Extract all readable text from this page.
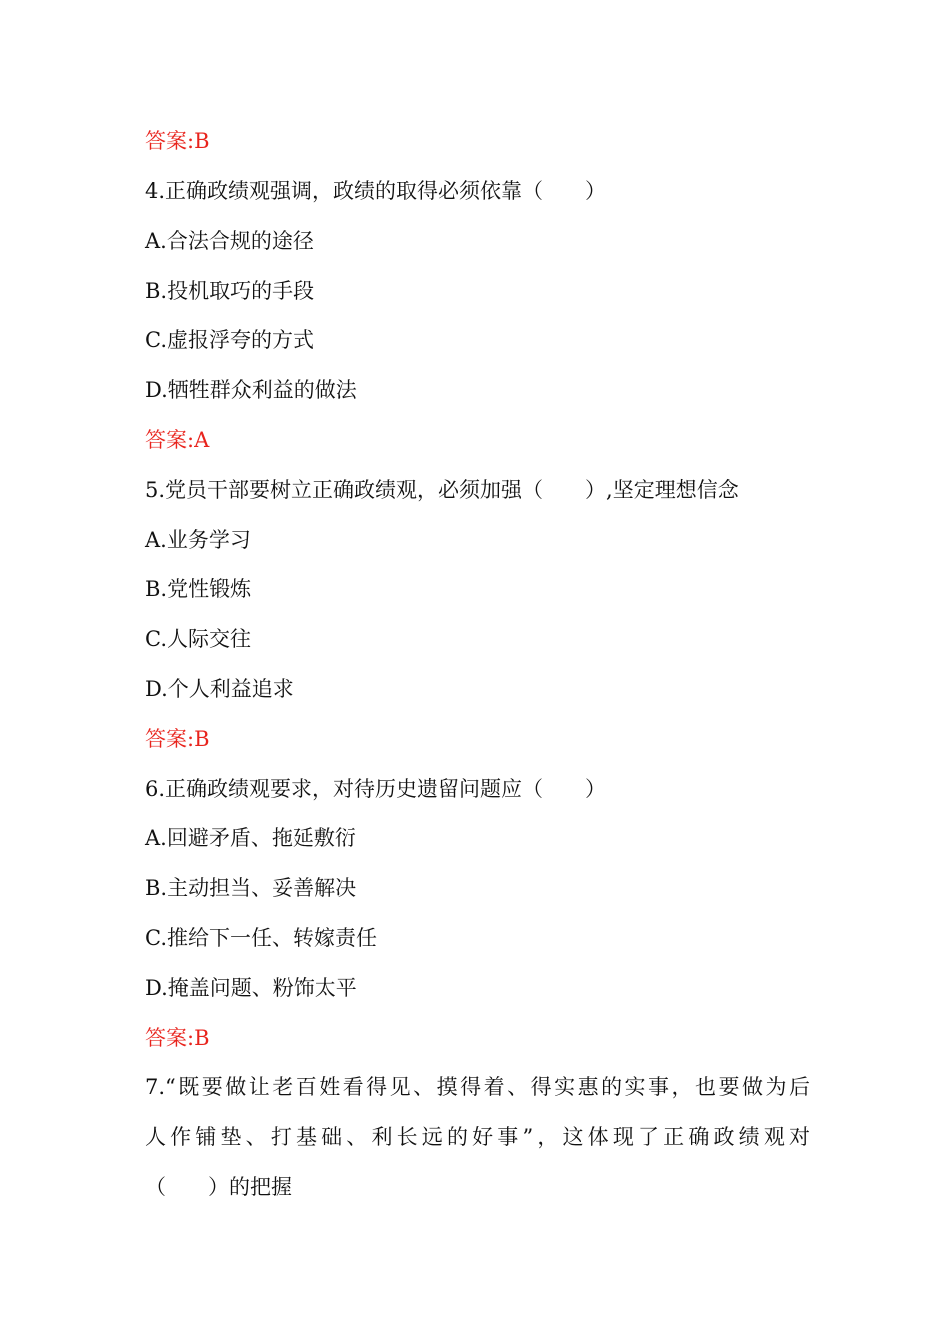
答案:B
4.正确政绩观强调，政绩的取得必须依靠（　　）
A.合法合规的途径
B.投机取巧的手段
C.虚报浮夸的方式
D.牺牲群众利益的做法
答案:A
5.党员干部要树立正确政绩观，必须加强（　　）,坚定理想信念
A.业务学习
B.党性锻炼
C.人际交往
D.个人利益追求
答案:B
6.正确政绩观要求，对待历史遗留问题应（　　）
A.回避矛盾、拖延敷衍
B.主动担当、妥善解决
C.推给下一任、转嫁责任
D.掩盖问题、粉饰太平
答案:B
7.“既要做让老百姓看得见、摸得着、得实惠的实事，也要做为后
人作铺垫、打基础、利长远的好事”，这体现了正确政绩观对
（　　）的把握
